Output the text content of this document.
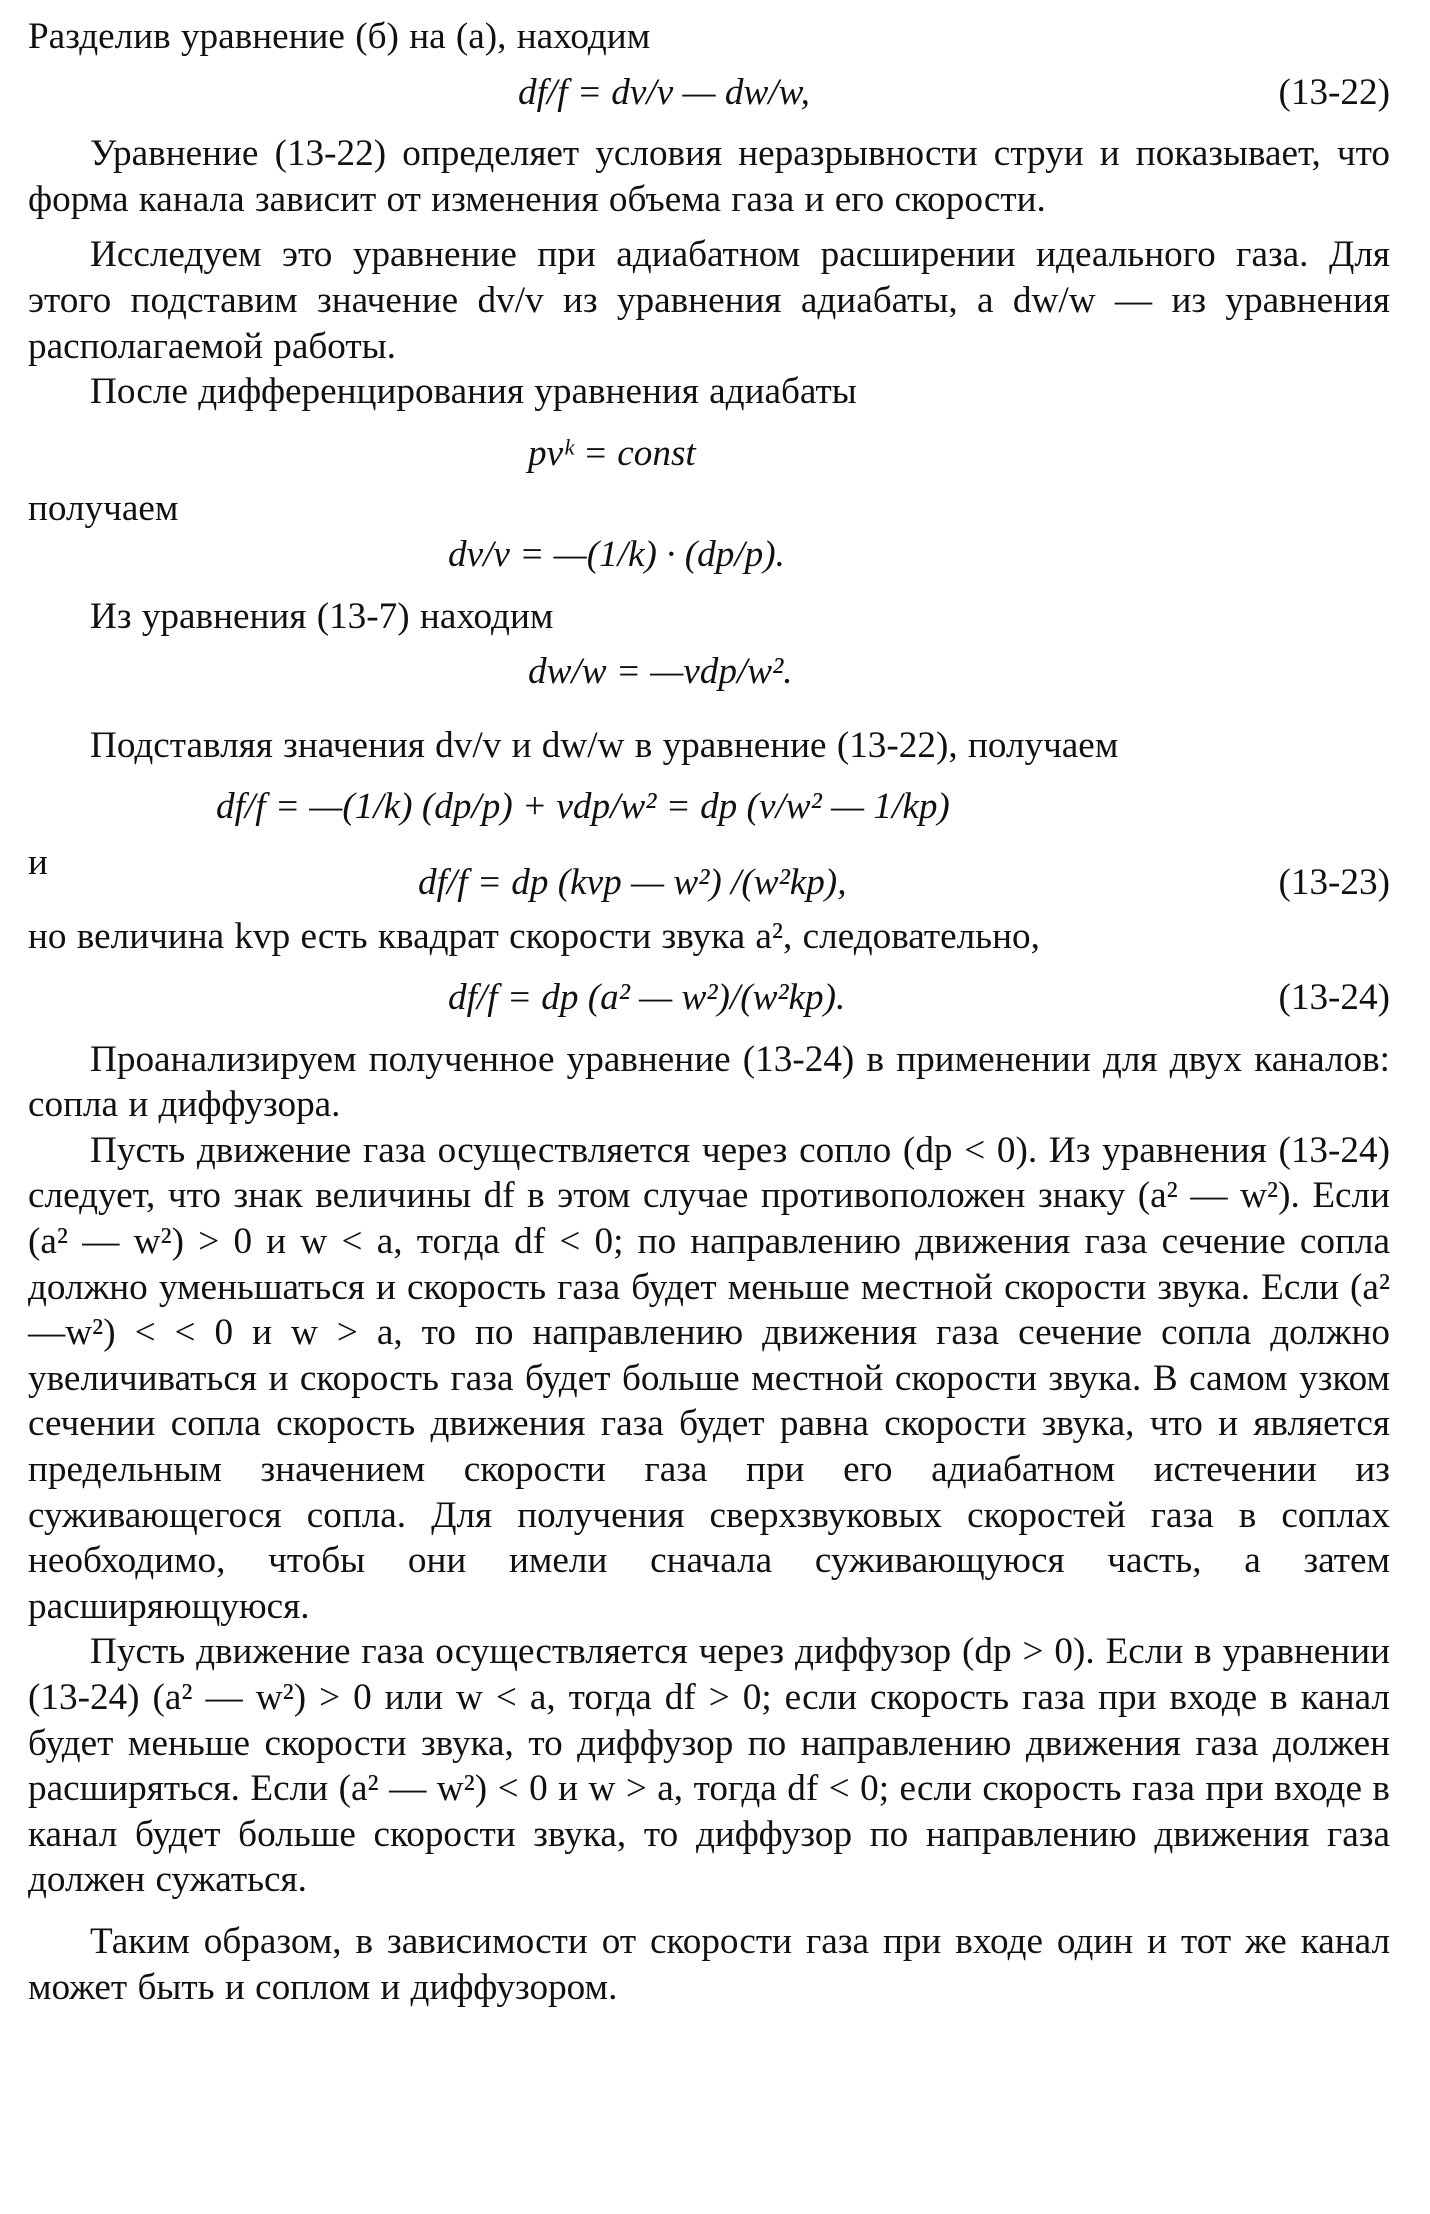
Разделив уравнение (б) на (а), находим

df/f = dv/v — dw/w,	(13-22)

Уравнение (13-22) определяет условия неразрывности струи и показывает, что форма канала зависит от изменения объема газа и его скорости.

Исследуем это уравнение при адиабатном расширении идеального газа. Для этого подставим значение dv/v из уравнения адиабаты, а dw/w — из уравнения располагаемой работы.

После дифференцирования уравнения адиабаты

pvᵏ = const

получаем

dv/v = —(1/k) · (dp/p).

Из уравнения (13-7) находим

dw/w = —vdp/w².

Подставляя значения dv/v и dw/w в уравнение (13-22), получаем

df/f = —(1/k) (dp/p) + vdp/w² = dp (v/w² — 1/kp)
и	df/f = dp (kvp — w²) /(w²kp),	(13-23)

но величина kvp есть квадрат скорости звука a², следовательно,

df/f = dp (a² — w²)/(w²kp).	(13-24)

Проанализируем полученное уравнение (13-24) в применении для двух каналов: сопла и диффузора.

Пусть движение газа осуществляется через сопло (dp < 0). Из уравнения (13-24) следует, что знак величины df в этом случае противоположен знаку (a² — w²). Если (a² — w²) > 0 и w < a, тогда df < 0; по направлению движения газа сечение сопла должно уменьшаться и скорость газа будет меньше местной скорости звука. Если (a²—w²) < < 0 и w > a, то по направлению движения газа сечение сопла должно увеличиваться и скорость газа будет больше местной скорости звука. В самом узком сечении сопла скорость движения газа будет равна скорости звука, что и является предельным значением скорости газа при его адиабатном истечении из суживающегося сопла. Для получения сверхзвуковых скоростей газа в соплах необходимо, чтобы они имели сначала суживающуюся часть, а затем расширяющуюся.

Пусть движение газа осуществляется через диффузор (dp > 0). Если в уравнении (13-24) (a² — w²) > 0 или w < a, тогда df > 0; если скорость газа при входе в канал будет меньше скорости звука, то диффузор по направлению движения газа должен расширяться. Если (a² — w²) < 0 и w > a, тогда df < 0; если скорость газа при входе в канал будет больше скорости звука, то диффузор по направлению движения газа должен сужаться.

Таким образом, в зависимости от скорости газа при входе один и тот же канал может быть и соплом и диффузором.
